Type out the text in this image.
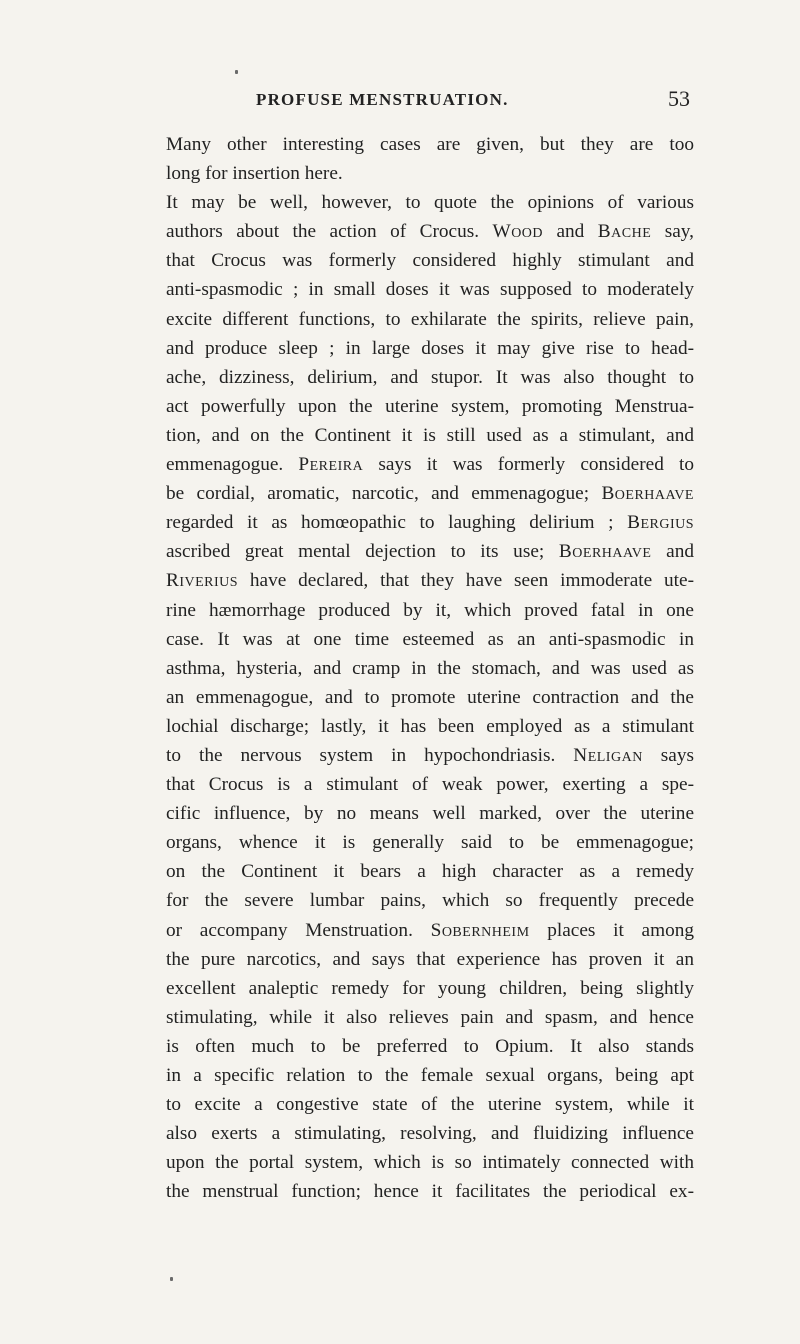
PROFUSE MENSTRUATION.	53
Many other interesting cases are given, but they are too
long for insertion here.
It may be well, however, to quote the opinions of various
authors about the action of Crocus. Wood and Bache say,
that Crocus was formerly considered highly stimulant and
anti-spasmodic ; in small doses it was supposed to moderately
excite different functions, to exhilarate the spirits, relieve pain,
and produce sleep ; in large doses it may give rise to head-
ache, dizziness, delirium, and stupor. It was also thought to
act powerfully upon the uterine system, promoting Menstrua-
tion, and on the Continent it is still used as a stimulant, and
emmenagogue. Pereira says it was formerly considered to
be cordial, aromatic, narcotic, and emmenagogue; Boerhaave
regarded it as homœopathic to laughing delirium ; Bergius
ascribed great mental dejection to its use; Boerhaave and
Riverius have declared, that they have seen immoderate ute-
rine hæmorrhage produced by it, which proved fatal in one
case. It was at one time esteemed as an anti-spasmodic in
asthma, hysteria, and cramp in the stomach, and was used as
an emmenagogue, and to promote uterine contraction and the
lochial discharge; lastly, it has been employed as a stimulant
to the nervous system in hypochondriasis. Neligan says
that Crocus is a stimulant of weak power, exerting a spe-
cific influence, by no means well marked, over the uterine
organs, whence it is generally said to be emmenagogue;
on the Continent it bears a high character as a remedy
for the severe lumbar pains, which so frequently precede
or accompany Menstruation. Sobernheim places it among
the pure narcotics, and says that experience has proven it an
excellent analeptic remedy for young children, being slightly
stimulating, while it also relieves pain and spasm, and hence
is often much to be preferred to Opium. It also stands
in a specific relation to the female sexual organs, being apt
to excite a congestive state of the uterine system, while it
also exerts a stimulating, resolving, and fluidizing influence
upon the portal system, which is so intimately connected with
the menstrual function; hence it facilitates the periodical ex-
